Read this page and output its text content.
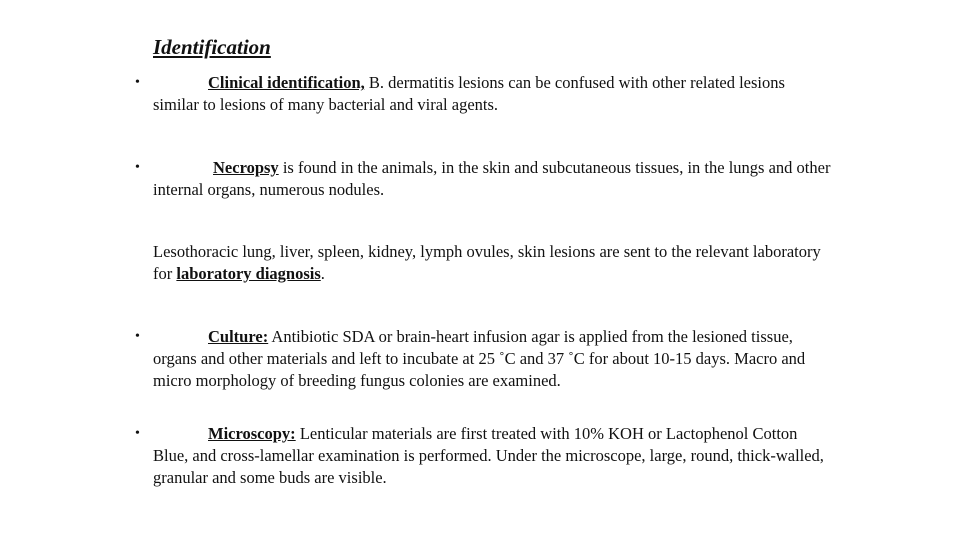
Identification
•	Clinical identification, B. dermatitis lesions can be confused with other related lesions similar to lesions of many bacterial and viral agents.
•	Necropsy is found in the animals, in the skin and subcutaneous tissues, in the lungs and other internal organs, numerous nodules.
Lesothoracic lung, liver, spleen, kidney, lymph ovules, skin lesions are sent to the relevant laboratory for laboratory diagnosis.
•	Culture: Antibiotic SDA or brain-heart infusion agar is applied from the lesioned tissue, organs and other materials and left to incubate at 25 ˚C and 37 ˚C for about 10-15 days. Macro and micro morphology of breeding fungus colonies are examined.
•	Microscopy: Lenticular materials are first treated with 10% KOH or Lactophenol Cotton Blue, and cross-lamellar examination is performed. Under the microscope, large, round, thick-walled, granular and some buds are visible.
